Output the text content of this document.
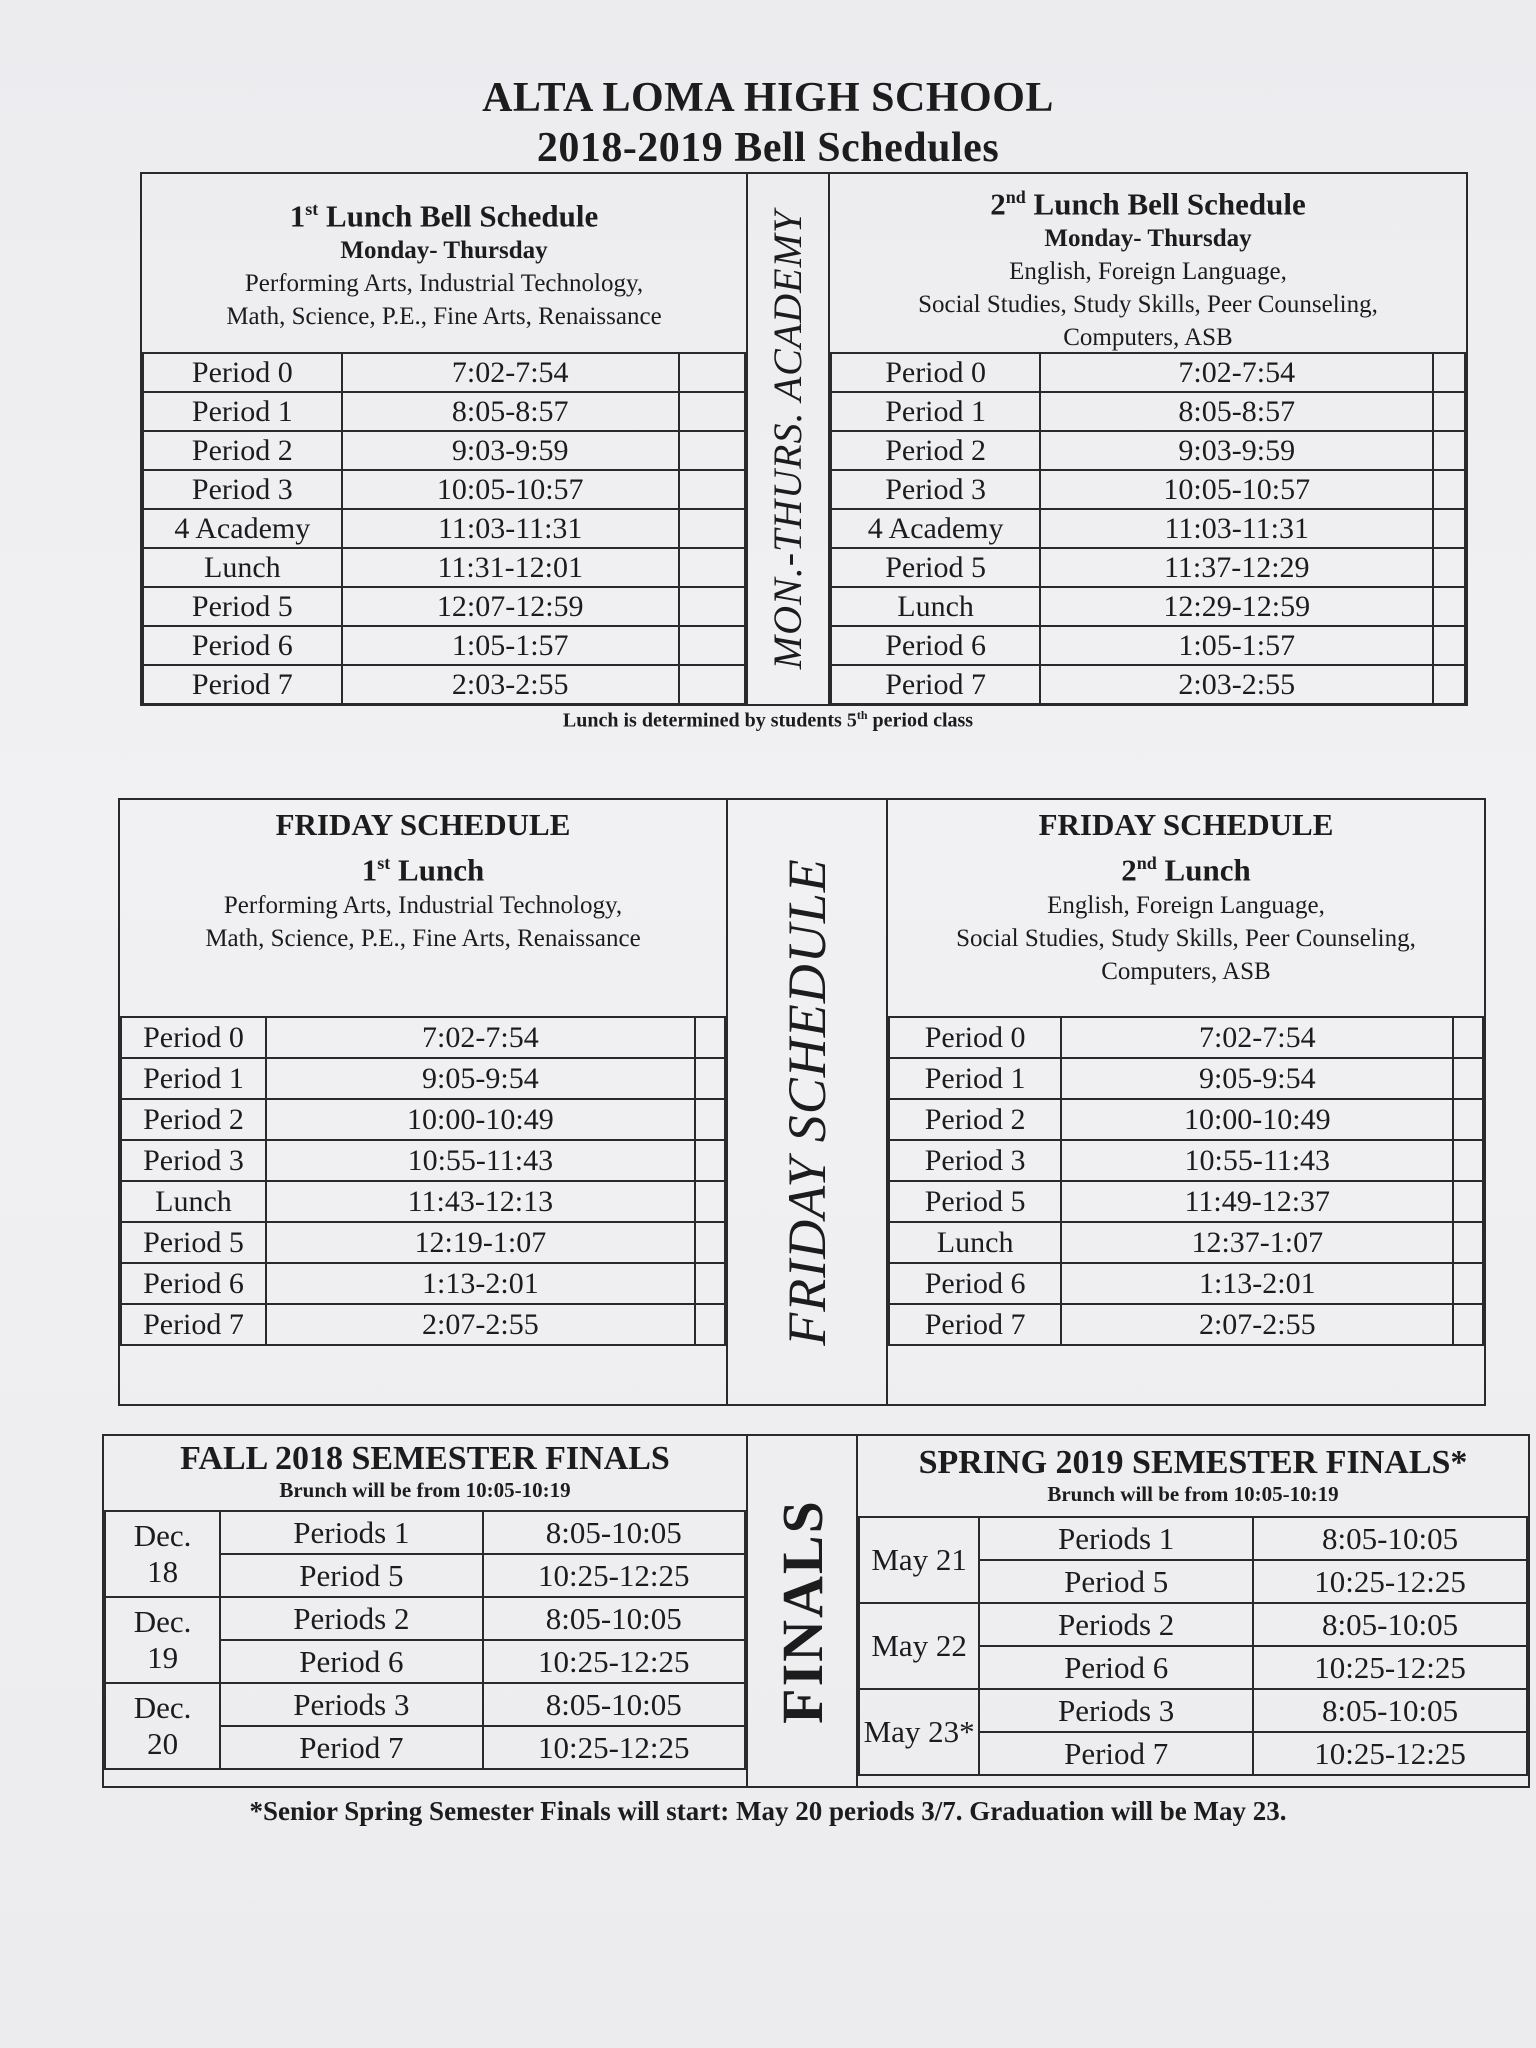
ALTA LOMA HIGH SCHOOL
2018-2019 Bell Schedules
1st Lunch Bell Schedule
Monday- Thursday
Performing Arts, Industrial Technology,
Math, Science, P.E., Fine Arts, Renaissance
Period 0	7:02-7:54	
Period 1	8:05-8:57	
Period 2	9:03-9:59	
Period 3	10:05-10:57	
4 Academy	11:03-11:31	
Lunch	11:31-12:01	
Period 5	12:07-12:59	
Period 6	1:05-1:57	
Period 7	2:03-2:55	
MON.-THURS. ACADEMY
2nd Lunch Bell Schedule
Monday- Thursday
English, Foreign Language,
Social Studies, Study Skills, Peer Counseling,
Computers, ASB
Period 0	7:02-7:54	
Period 1	8:05-8:57	
Period 2	9:03-9:59	
Period 3	10:05-10:57	
4 Academy	11:03-11:31	
Period 5	11:37-12:29	
Lunch	12:29-12:59	
Period 6	1:05-1:57	
Period 7	2:03-2:55	
Lunch is determined by students 5th period class
FRIDAY SCHEDULE
1st Lunch
Performing Arts, Industrial Technology,
Math, Science, P.E., Fine Arts, Renaissance
Period 0	7:02-7:54	
Period 1	9:05-9:54	
Period 2	10:00-10:49	
Period 3	10:55-11:43	
Lunch	11:43-12:13	
Period 5	12:19-1:07	
Period 6	1:13-2:01	
Period 7	2:07-2:55		FRIDAY SCHEDULE
FRIDAY SCHEDULE
2nd Lunch
English, Foreign Language,
Social Studies, Study Skills, Peer Counseling,
Computers, ASB
Period 0	7:02-7:54	
Period 1	9:05-9:54	
Period 2	10:00-10:49	
Period 3	10:55-11:43	
Period 5	11:49-12:37	
Lunch	12:37-1:07	
Period 6	1:13-2:01	
Period 7	2:07-2:55	
FALL 2018 SEMESTER FINALS
Brunch will be from 10:05-10:19
Dec.
18	Periods 1	8:05-10:05
	Period 5	10:25-12:25

Dec.
19	Periods 2	8:05-10:05
	Period 6	10:25-12:25

Dec.
20	Periods 3	8:05-10:05
	Period 7	10:25-12:25
FINALS
SPRING 2019 SEMESTER FINALS*
Brunch will be from 10:05-10:19
May 21	Periods 1	8:05-10:05
	Period 5	10:25-12:25
May 22	Periods 2	8:05-10:05
	Period 6	10:25-12:25
May 23*	Periods 3	8:05-10:05
	Period 7	10:25-12:25
*Senior Spring Semester Finals will start: May 20 periods 3/7. Graduation will be May 23.
